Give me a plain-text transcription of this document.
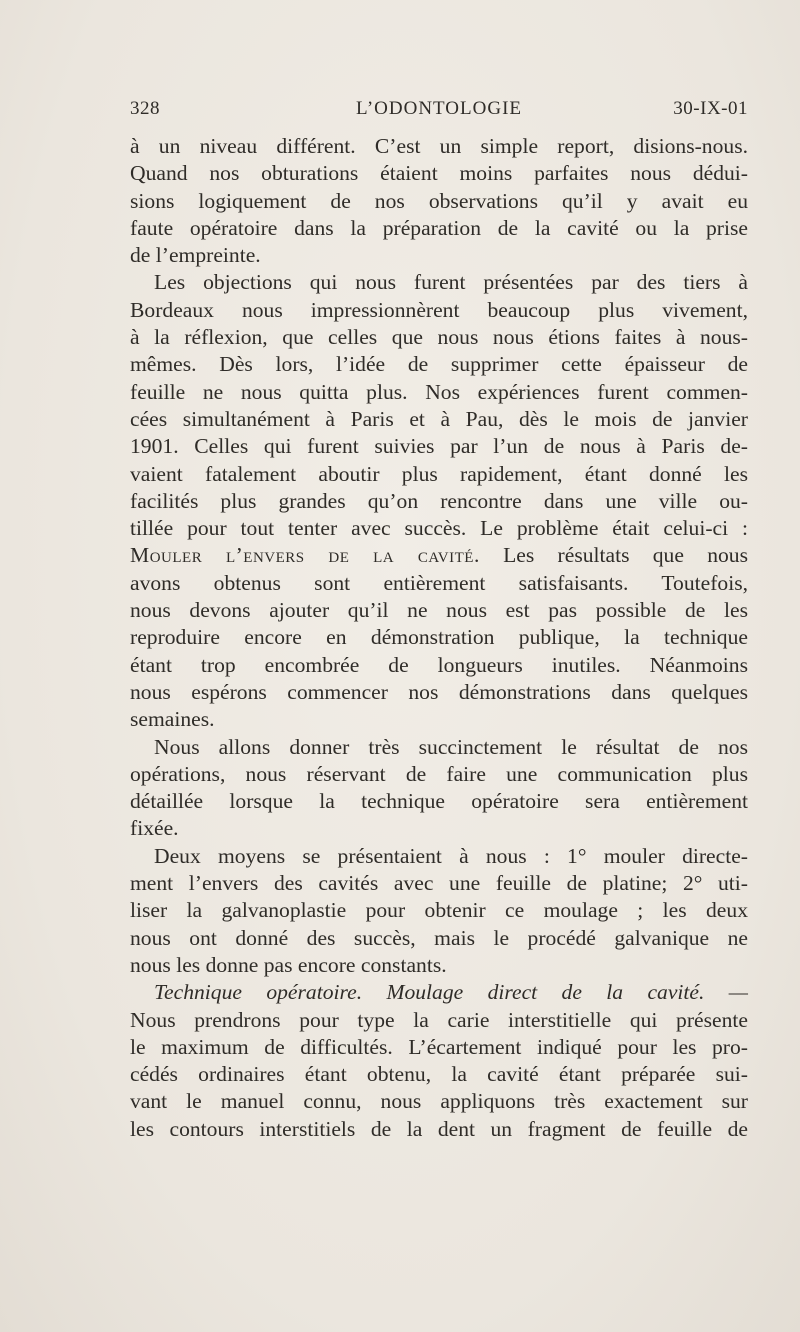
328	L’ODONTOLOGIE	30-IX-01

à un niveau différent. C’est un simple report, disions-nous.
Quand nos obturations étaient moins parfaites nous dédui-
sions logiquement de nos observations qu’il y avait eu
faute opératoire dans la préparation de la cavité ou la prise
de l’empreinte.

Les objections qui nous furent présentées par des tiers à
Bordeaux nous impressionnèrent beaucoup plus vivement,
à la réflexion, que celles que nous nous étions faites à nous-
mêmes. Dès lors, l’idée de supprimer cette épaisseur de
feuille ne nous quitta plus. Nos expériences furent commen-
cées simultanément à Paris et à Pau, dès le mois de janvier
1901. Celles qui furent suivies par l’un de nous à Paris de-
vaient fatalement aboutir plus rapidement, étant donné les
facilités plus grandes qu’on rencontre dans une ville ou-
tillée pour tout tenter avec succès. Le problème était celui-ci :
Mouler l’envers de la cavité. Les résultats que nous
avons obtenus sont entièrement satisfaisants. Toutefois,
nous devons ajouter qu’il ne nous est pas possible de les
reproduire encore en démonstration publique, la technique
étant trop encombrée de longueurs inutiles. Néanmoins
nous espérons commencer nos démonstrations dans quelques
semaines.

Nous allons donner très succinctement le résultat de nos
opérations, nous réservant de faire une communication plus
détaillée lorsque la technique opératoire sera entièrement
fixée.

Deux moyens se présentaient à nous : 1° mouler directe-
ment l’envers des cavités avec une feuille de platine; 2° uti-
liser la galvanoplastie pour obtenir ce moulage ; les deux
nous ont donné des succès, mais le procédé galvanique ne
nous les donne pas encore constants.

Technique opératoire. Moulage direct de la cavité. —
Nous prendrons pour type la carie interstitielle qui présente
le maximum de difficultés. L’écartement indiqué pour les pro-
cédés ordinaires étant obtenu, la cavité étant préparée sui-
vant le manuel connu, nous appliquons très exactement sur
les contours interstitiels de la dent un fragment de feuille de
